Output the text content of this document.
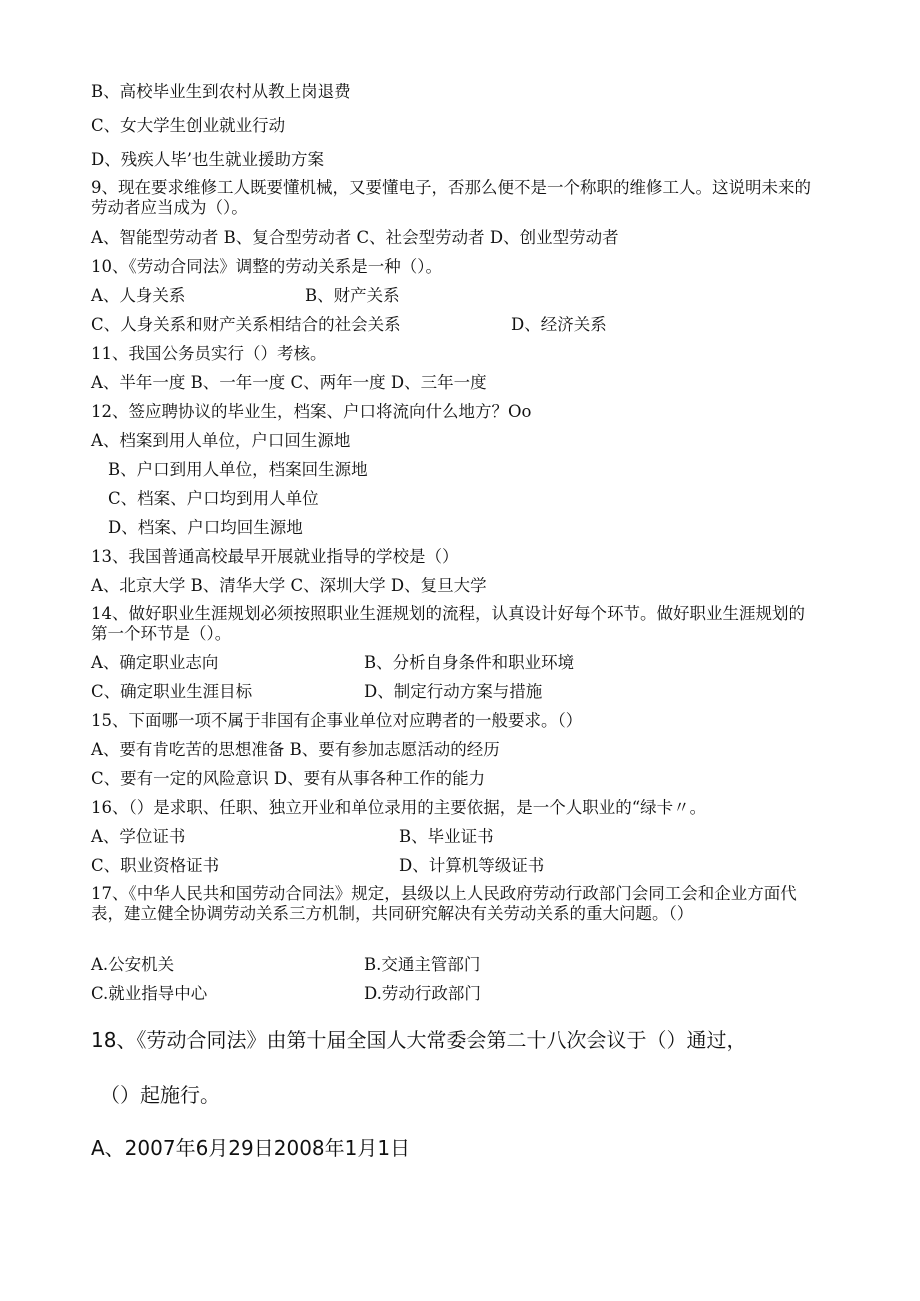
B、高校毕业生到农村从教上岗退费
C、女大学生创业就业行动
D、残疾人毕’也生就业援助方案
9、现在要求维修工人既要懂机械，又要懂电子，否那么便不是一个称职的维修工人。这说明未来的劳动者应当成为（）。
A、智能型劳动者 B、复合型劳动者 C、社会型劳动者 D、创业型劳动者
10、《劳动合同法》调整的劳动关系是一种（）。
A、人身关系	B、财产关系
C、人身关系和财产关系相结合的社会关系	D、经济关系
11、我国公务员实行（）考核。
A、半年一度 B、一年一度 C、两年一度 D、三年一度
12、签应聘协议的毕业生，档案、户口将流向什么地方？Oo
A、档案到用人单位，户口回生源地
B、户口到用人单位，档案回生源地
C、档案、户口均到用人单位
D、档案、户口均回生源地
13、我国普通高校最早开展就业指导的学校是（）
A、北京大学 B、清华大学 C、深圳大学 D、复旦大学
14、做好职业生涯规划必须按照职业生涯规划的流程，认真设计好每个环节。做好职业生涯规划的第一个环节是（）。
A、确定职业志向	B、分析自身条件和职业环境
C、确定职业生涯目标	D、制定行动方案与措施
15、下面哪一项不属于非国有企事业单位对应聘者的一般要求。（）
A、要有肯吃苦的思想准备 B、要有参加志愿活动的经历
C、要有一定的风险意识 D、要有从事各种工作的能力
16、（）是求职、任职、独立开业和单位录用的主要依据，是一个人职业的“绿卡〃。
A、学位证书	B、毕业证书
C、职业资格证书	D、计算机等级证书
17、《中华人民共和国劳动合同法》规定，县级以上人民政府劳动行政部门会同工会和企业方面代表，建立健全协调劳动关系三方机制，共同研究解决有关劳动关系的重大问题。（）
A.公安机关	B.交通主管部门
C.就业指导中心	D.劳动行政部门
18、《劳动合同法》由第十届全国人大常委会第二十八次会议于（）通过，
（）起施行。
A、2007年6月29日2008年1月1日
